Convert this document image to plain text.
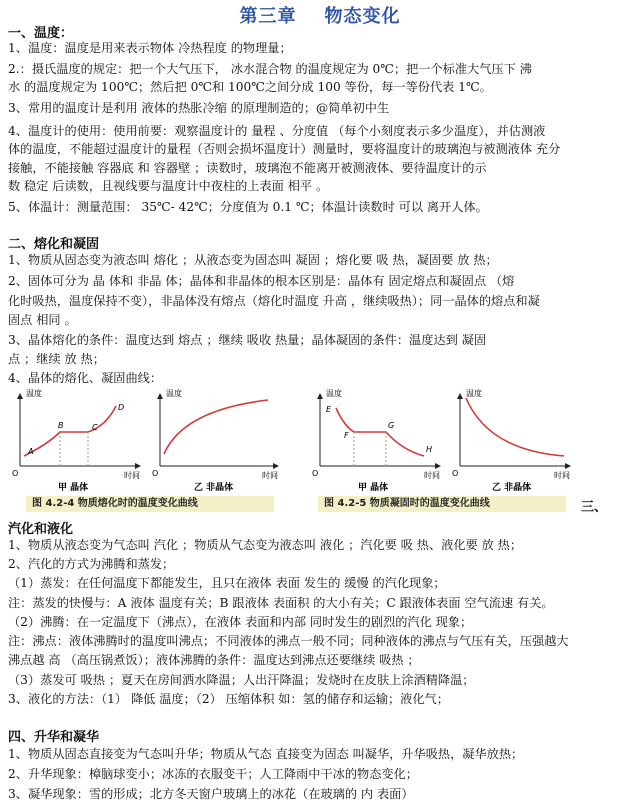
第三章 物态变化
一、温度：
1、温度：温度是用来表示物体 冷热程度 的物理量；
2.：摄氏温度的规定：把一个大气压下， 冰水混合物 的温度规定为 0℃；把一个标准大气压下 沸
水 的温度规定为 100℃；然后把 0℃和 100℃之间分成 100 等份，每一等份代表 1℃。
3、常用的温度计是利用 液体的热胀冷缩 的原理制造的；@简单初中生
4、温度计的使用：使用前要：观察温度计的 量程 、分度值 （每个小刻度表示多少温度），并估测液
体的温度，不能超过温度计的量程（否则会损坏温度计）测量时，要将温度计的玻璃泡与被测液体 充分
接触，不能接触 容器底 和 容器壁 ；读数时，玻璃泡不能离开被测液体、要待温度计的示
数 稳定 后读数，且视线要与温度计中夜柱的上表面 相平 。
5、体温计：测量范围： 35℃- 42℃；分度值为 0.1 ℃；体温计读数时 可以 离开人体。
二、熔化和凝固
1、物质从固态变为液态叫 熔化 ；从液态变为固态叫 凝固 ；熔化要 吸 热，凝固要 放 热；
2、固体可分为 晶 体和 非晶 体；晶体和非晶体的根本区别是：晶体有 固定熔点和凝固点 （熔
化时吸热，温度保持不变），非晶体没有熔点（熔化时温度 升高 ，继续吸热）；同一晶体的熔点和凝
固点 相同 。
3、晶体熔化的条件：温度达到 熔点 ；继续 吸收 热量；晶体凝固的条件：温度达到 凝固
点 ；继续 放 热；
4、晶体的熔化、凝固曲线：
温度
O	时间
A
B	C
D
甲 晶体
温度
O	时间
乙 非晶体
温度
O	时间
E
F
G
H
甲 晶体
温度
O	时间
乙 非晶体
图 4.2-4 物质熔化时的温度变化曲线	图 4.2-5 物质凝固时的温度变化曲线	三、
汽化和液化
1、物质从液态变为气态叫 汽化 ；物质从气态变为液态叫 液化 ；汽化要 吸 热、液化要 放 热；
2、汽化的方式为沸腾和蒸发；
（1）蒸发：在任何温度下都能发生，且只在液体 表面 发生的 缓慢 的汽化现象；
注：蒸发的快慢与：A 液体 温度有关；B 跟液体 表面积 的大小有关；C 跟液体表面 空气流速 有关。
（2）沸腾：在一定温度下（沸点），在液体 表面和内部 同时发生的剧烈的汽化 现象；
注：沸点：液体沸腾时的温度叫沸点；不同液体的沸点一般不同；同种液体的沸点与气压有关，压强越大
沸点越 高 （高压锅煮饭）；液体沸腾的条件：温度达到沸点还要继续 吸热 ；
（3）蒸发可 吸热 ；夏天在房间洒水降温；人出汗降温；发烧时在皮肤上涂酒精降温；
3、液化的方法：（1） 降低 温度；（2） 压缩体积 如：氢的储存和运输；液化气；
四、升华和凝华
1、物质从固态直接变为气态叫升华；物质从气态 直接变为固态 叫凝华，升华吸热，凝华放热；
2、升华现象：樟脑球变小；冰冻的衣服变干；人工降雨中干冰的物态变化；
3、凝华现象：雪的形成；北方冬天窗户玻璃上的冰花（在玻璃的 内 表面）
